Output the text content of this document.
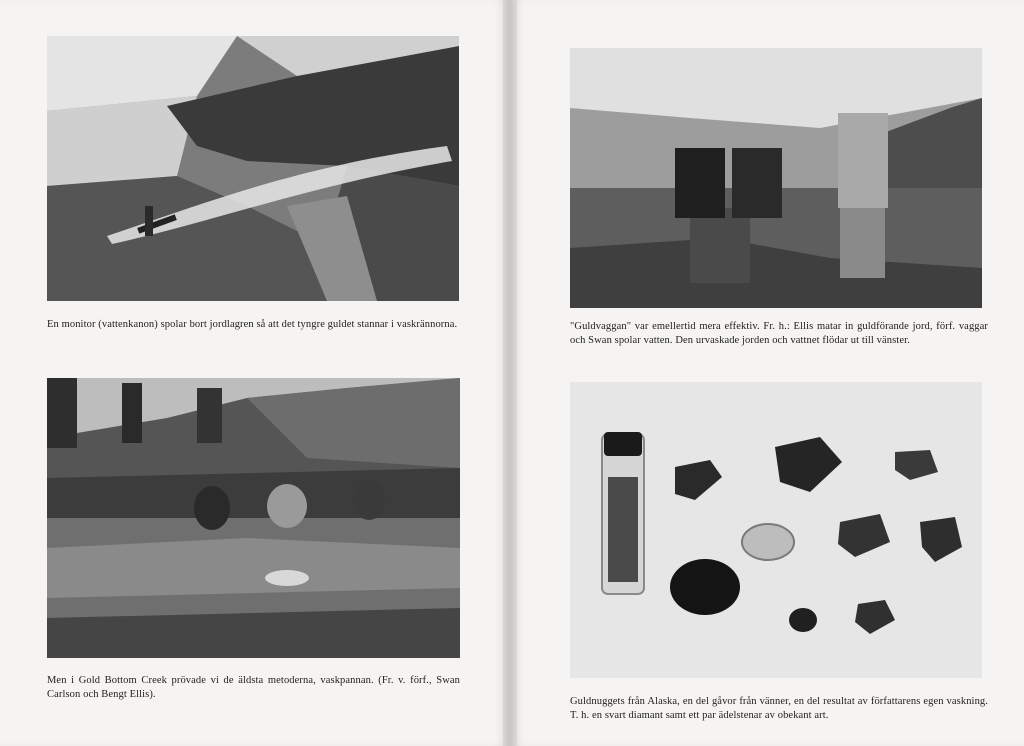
En monitor (vattenkanon) spolar bort jordlagren så att det tyngre guldet stannar i vaskrännorna.

Men i Gold Bottom Creek prövade vi de äldsta metoderna, vaskpannan. (Fr. v. förf., Swan Carlson och Bengt Ellis).

"Guldvaggan" var emellertid mera effektiv. Fr. h.: Ellis matar in guldförande jord, förf. vaggar och Swan spolar vatten. Den urvaskade jorden och vattnet flödar ut till vänster.

Guldnuggets från Alaska, en del gåvor från vänner, en del resultat av författarens egen vaskning. T. h. en svart diamant samt ett par ädelstenar av obekant art.
